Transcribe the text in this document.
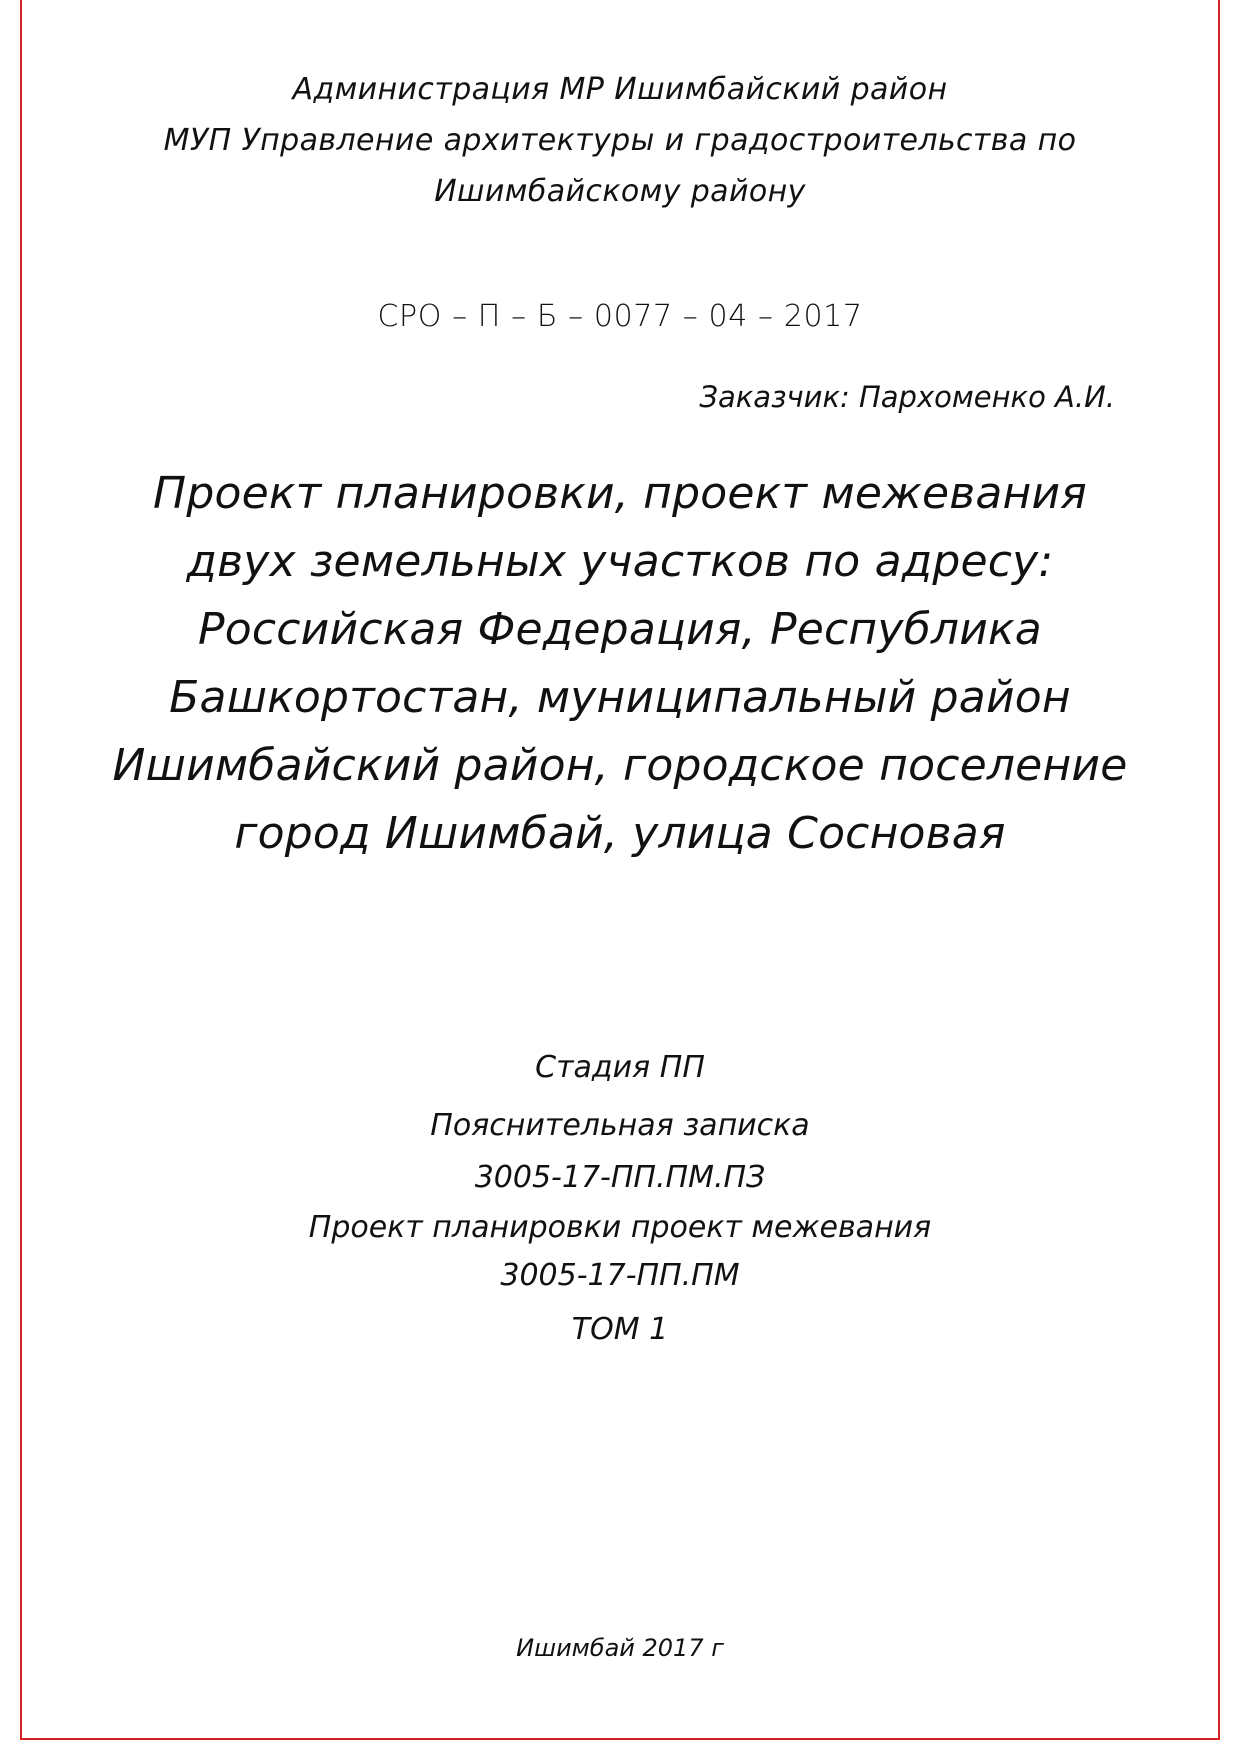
Администрация МР Ишимбайский район
МУП Управление архитектуры и градостроительства по
Ишимбайскому району
СРО – П – Б – 0077 – 04 – 2017
Заказчик: Пархоменко А.И.
Проект планировки, проект межевания
двух земельных участков по адресу:
Российская Федерация, Республика
Башкортостан, муниципальный район
Ишимбайский район, городское поселение
город Ишимбай, улица Сосновая
Стадия ПП
Пояснительная записка
3005-17-ПП.ПМ.ПЗ
Проект планировки проект межевания
3005-17-ПП.ПМ
ТОМ 1
Ишимбай 2017 г
